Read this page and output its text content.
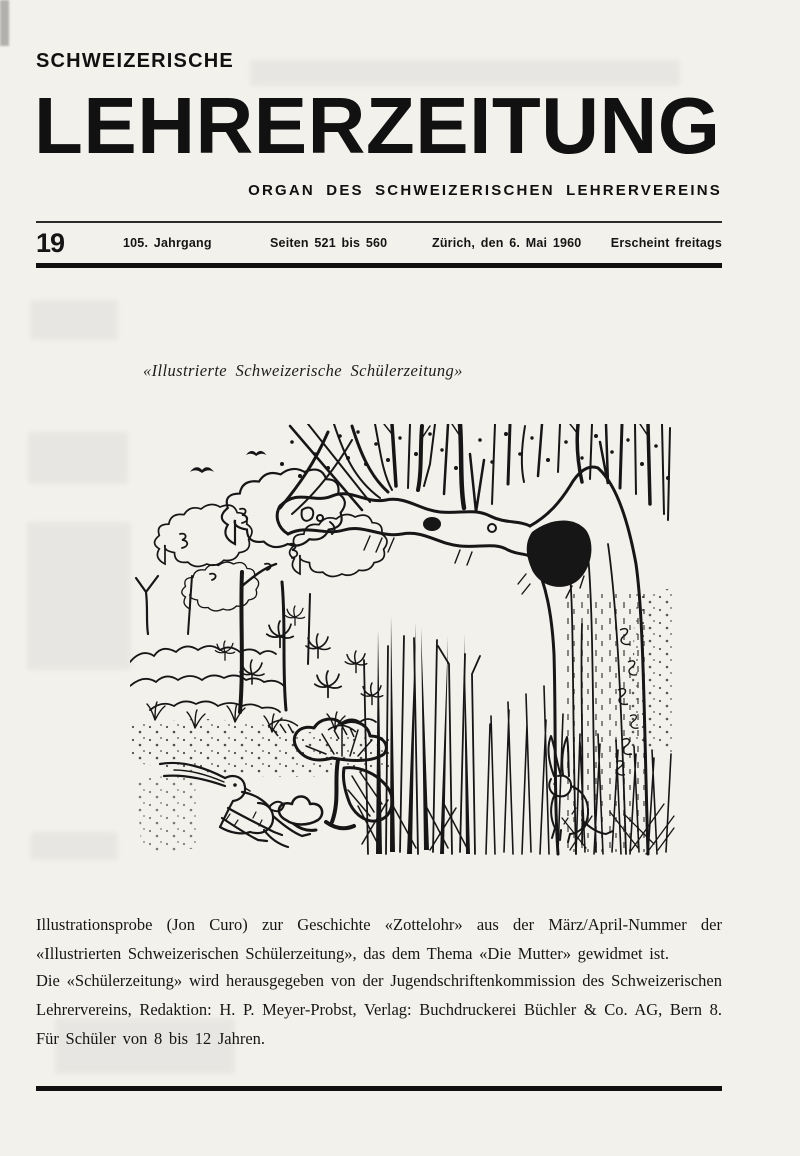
SCHWEIZERISCHE
LEHRERZEITUNG
ORGAN DES SCHWEIZERISCHEN LEHRERVEREINS
19	105. Jahrgang	Seiten 521 bis 560	Zürich, den 6. Mai 1960 Erscheint freitags
«Illustrierte Schweizerische Schülerzeitung»

Illustrationsprobe (Jon Curo) zur Geschichte «Zottelohr» aus der März/April-Nummer der «Illustrierten Schweizerischen Schülerzeitung», das dem Thema «Die Mutter» gewidmet ist.

Die «Schülerzeitung» wird herausgegeben von der Jugendschriftenkommission des Schweizerischen Lehrervereins, Redaktion: H. P. Meyer-Probst, Verlag: Buchdruckerei Büchler & Co. AG, Bern 8. Für Schüler von 8 bis 12 Jahren.
